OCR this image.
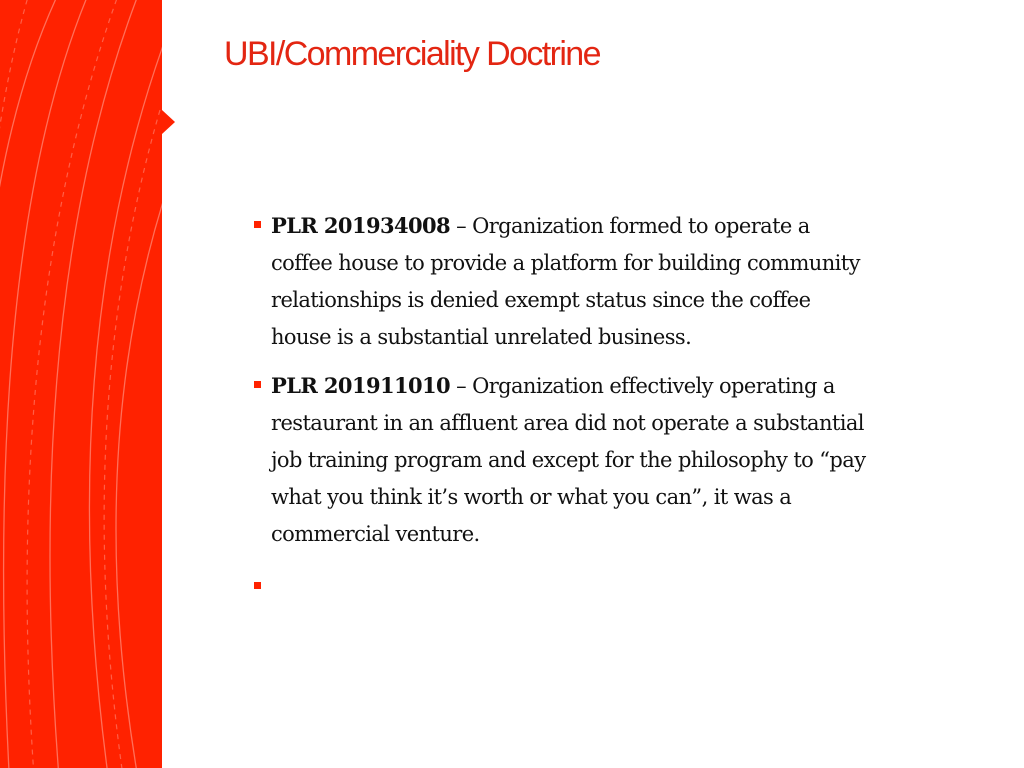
UBI/Commerciality Doctrine
PLR 201934008 – Organization formed to operate a coffee house to provide a platform for building community relationships is denied exempt status since the coffee house is a substantial unrelated business.
PLR 201911010 – Organization effectively operating a restaurant in an affluent area did not operate a substantial job training program and except for the philosophy to “pay what you think it’s worth or what you can”, it was a commercial venture.
